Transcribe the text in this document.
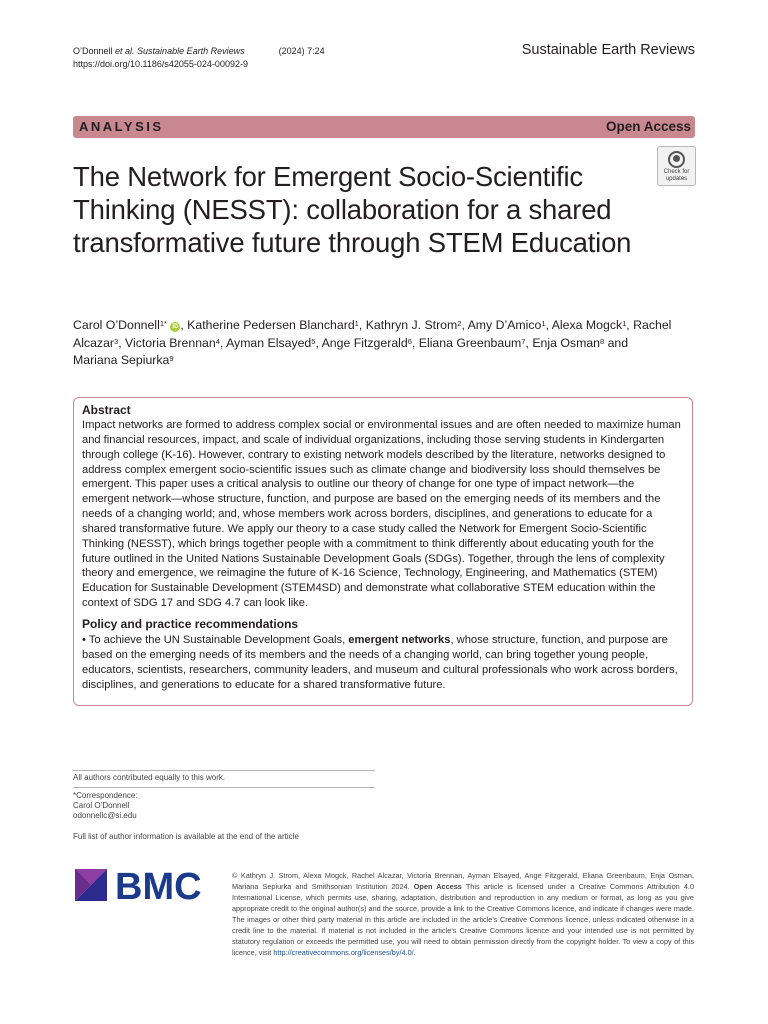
O’Donnell et al. Sustainable Earth Reviews	(2024) 7:24
https://doi.org/10.1186/s42055-024-00092-9
Sustainable Earth Reviews
ANALYSIS	Open Access
Check for
updates
The Network for Emergent Socio-Scientific Thinking (NESST): collaboration for a shared transformative future through STEM Education
Carol O’Donnell$^{1*}$ iD , Katherine Pedersen Blanchard$^1$, Kathryn J. Strom$^2$, Amy D’Amico$^1$, Alexa Mogck$^1$, Rachel Alcazar$^3$, Victoria Brennan$^4$, Ayman Elsayed$^5$, Ange Fitzgerald$^6$, Eliana Greenbaum$^7$, Enja Osman$^8$ and
Mariana Sepiurka$^9$
Abstract

Impact networks are formed to address complex social or environmental issues and are often needed to maximize human and financial resources, impact, and scale of individual organizations, including those serving students in Kindergarten through college (K-16). However, contrary to existing network models described by the literature, networks designed to address complex emergent socio-scientific issues such as climate change and biodiversity loss should themselves be emergent. This paper uses a critical analysis to outline our theory of change for one type of impact network—the emergent network—whose structure, function, and purpose are based on the emerging needs of its members and the needs of a changing world; and, whose members work across borders, disciplines, and generations to educate for a shared transformative future. We apply our theory to a case study called the Network for Emergent Socio-Scientific Thinking (NESST), which brings together people with a commitment to think differently about educating youth for the future outlined in the United Nations Sustainable Development Goals (SDGs). Together, through the lens of complexity theory and emergence, we reimagine the future of K-16 Science, Technology, Engineering, and Mathematics (STEM) Education for Sustainable Development (STEM4SD) and demonstrate what collaborative STEM education within the context of SDG 17 and SDG 4.7 can look like.

Policy and practice recommendations

• To achieve the UN Sustainable Development Goals, emergent networks, whose structure, function, and purpose are based on the emerging needs of its members and the needs of a changing world, can bring together young people, educators, scientists, researchers, community leaders, and museum and cultural professionals who work across borders, disciplines, and generations to educate for a shared transformative future.

All authors contributed equally to this work.
*Correspondence:
Carol O’Donnell
odonnellc@si.edu
Full list of author information is available at the end of the article
BMC	© Kathryn J. Strom, Alexa Mogck, Rachel Alcazar, Victoria Brennan, Ayman Elsayed, Ange Fitzgerald, Eliana Greenbaum, Enja Osman, Mariana Sepiurka and Smithsonian Institution 2024. Open Access This article is licensed under a Creative Commons Attribution 4.0 International License, which permits use, sharing, adaptation, distribution and reproduction in any medium or format, as long as you give appropriate credit to the original author(s) and the source, provide a link to the Creative Commons licence, and indicate if changes were made. The images or other third party material in this article are included in the article’s Creative Commons licence, unless indicated otherwise in a credit line to the material. If material is not included in the article’s Creative Commons licence and your intended use is not permitted by statutory regulation or exceeds the permitted use, you will need to obtain permission directly from the copyright holder. To view a copy of this licence, visit http://creativecommons.org/licenses/by/4.0/.
